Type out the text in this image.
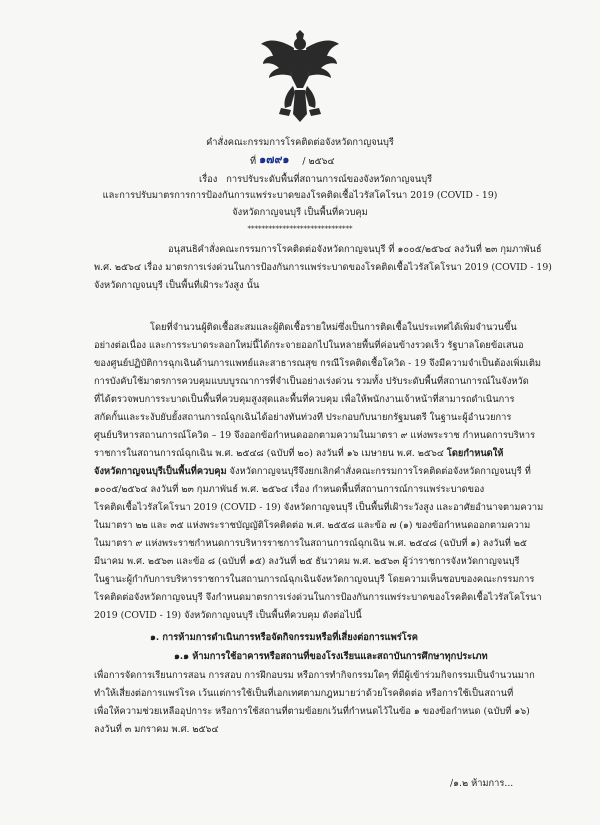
คำสั่งคณะกรรมการโรคติดต่อจังหวัดกาญจนบุรี
ที่ ๑๗๙๑ / ๒๕๖๔
เรื่อง การปรับระดับพื้นที่สถานการณ์ของจังหวัดกาญจนบุรี
และการปรับมาตรการการป้องกันการแพร่ระบาดของโรคติดเชื้อไวรัสโคโรนา 2019 (COVID - 19)
จังหวัดกาญจนบุรี เป็นพื้นที่ควบคุม
******************************
อนุสนธิคำสั่งคณะกรรมการโรคติดต่อจังหวัดกาญจนบุรี ที่ ๑๐๐๕/๒๕๖๔ ลงวันที่ ๒๓ กุมภาพันธ์
พ.ศ. ๒๕๖๔ เรื่อง มาตรการเร่งด่วนในการป้องกันการแพร่ระบาดของโรคติดเชื้อไวรัสโคโรนา 2019 (COVID - 19)
จังหวัดกาญจนบุรี เป็นพื้นที่เฝ้าระวังสูง นั้น
โดยที่จำนวนผู้ติดเชื้อสะสมและผู้ติดเชื้อรายใหม่ซึ่งเป็นการติดเชื้อในประเทศได้เพิ่มจำนวนขึ้น
อย่างต่อเนื่อง และการระบาดระลอกใหม่นี้ได้กระจายออกไปในหลายพื้นที่ค่อนข้างรวดเร็ว รัฐบาลโดยข้อเสนอ
ของศูนย์ปฏิบัติการฉุกเฉินด้านการแพทย์และสาธารณสุข กรณีโรคติดเชื้อโควิด - 19 จึงมีความจำเป็นต้องเพิ่มเติม
การบังคับใช้มาตรการควบคุมแบบบูรณาการที่จำเป็นอย่างเร่งด่วน รวมทั้ง ปรับระดับพื้นที่สถานการณ์ในจังหวัด
ที่ได้ตรวจพบการระบาดเป็นพื้นที่ควบคุมสูงสุดและพื้นที่ควบคุม เพื่อให้พนักงานเจ้าหน้าที่สามารถดำเนินการ
สกัดกั้นและระงับยับยั้งสถานการณ์ฉุกเฉินได้อย่างทันท่วงที ประกอบกับนายกรัฐมนตรี ในฐานะผู้อำนวยการ
ศูนย์บริหารสถานการณ์โควิด – 19 จึงออกข้อกำหนดออกตามความในมาตรา ๙ แห่งพระราช กำหนดการบริหาร
ราชการในสถานการณ์ฉุกเฉิน พ.ศ. ๒๕๔๘ (ฉบับที่ ๒๐) ลงวันที่ ๑๖ เมษายน พ.ศ. ๒๕๖๔ โดยกำหนดให้
จังหวัดกาญจนบุรีเป็นพื้นที่ควบคุม จังหวัดกาญจนบุรีจึงยกเลิกคำสั่งคณะกรรมการโรคติดต่อจังหวัดกาญจนบุรี ที่
๑๐๐๕/๒๕๖๔ ลงวันที่ ๒๓ กุมภาพันธ์ พ.ศ. ๒๕๖๔ เรื่อง กำหนดพื้นที่สถานการณ์การแพร่ระบาดของ
โรคติดเชื้อไวรัสโคโรนา 2019 (COVID - 19) จังหวัดกาญจนบุรี เป็นพื้นที่เฝ้าระวังสูง และอาศัยอำนาจตามความ
ในมาตรา ๒๒ และ ๓๕ แห่งพระราชบัญญัติโรคติดต่อ พ.ศ. ๒๕๕๘ และข้อ ๗ (๑) ของข้อกำหนดออกตามความ
ในมาตรา ๙ แห่งพระราชกำหนดการบริหารราชการในสถานการณ์ฉุกเฉิน พ.ศ. ๒๕๔๘ (ฉบับที่ ๑) ลงวันที่ ๒๕
มีนาคม พ.ศ. ๒๕๖๓ และข้อ ๘ (ฉบับที่ ๑๕) ลงวันที่ ๒๕ ธันวาคม พ.ศ. ๒๕๖๓ ผู้ว่าราชการจังหวัดกาญจนบุรี
ในฐานะผู้กำกับการบริหารราชการในสถานการณ์ฉุกเฉินจังหวัดกาญจนบุรี โดยความเห็นชอบของคณะกรรมการ
โรคติดต่อจังหวัดกาญจนบุรี จึงกำหนดมาตรการเร่งด่วนในการป้องกันการแพร่ระบาดของโรคติดเชื้อไวรัสโคโรนา
2019 (COVID - 19) จังหวัดกาญจนบุรี เป็นพื้นที่ควบคุม ดังต่อไปนี้
๑. การห้ามการดำเนินการหรือจัดกิจกรรมหรือที่เสี่ยงต่อการแพร่โรค
๑.๑ ห้ามการใช้อาคารหรือสถานที่ของโรงเรียนและสถาบันการศึกษาทุกประเภท
เพื่อการจัดการเรียนการสอน การสอบ การฝึกอบรม หรือการทำกิจกรรมใดๆ ที่มีผู้เข้าร่วมกิจกรรมเป็นจำนวนมาก
ทำให้เสี่ยงต่อการแพร่โรค เว้นแต่การใช้เป็นที่เอกเทศตามกฎหมายว่าด้วยโรคติดต่อ หรือการใช้เป็นสถานที่
เพื่อให้ความช่วยเหลืออุปการะ หรือการใช้สถานที่ตามข้อยกเว้นที่กำหนดไว้ในข้อ ๑ ของข้อกำหนด (ฉบับที่ ๑๖)
ลงวันที่ ๓ มกราคม พ.ศ. ๒๕๖๔
/๑.๒ ห้ามการ...
